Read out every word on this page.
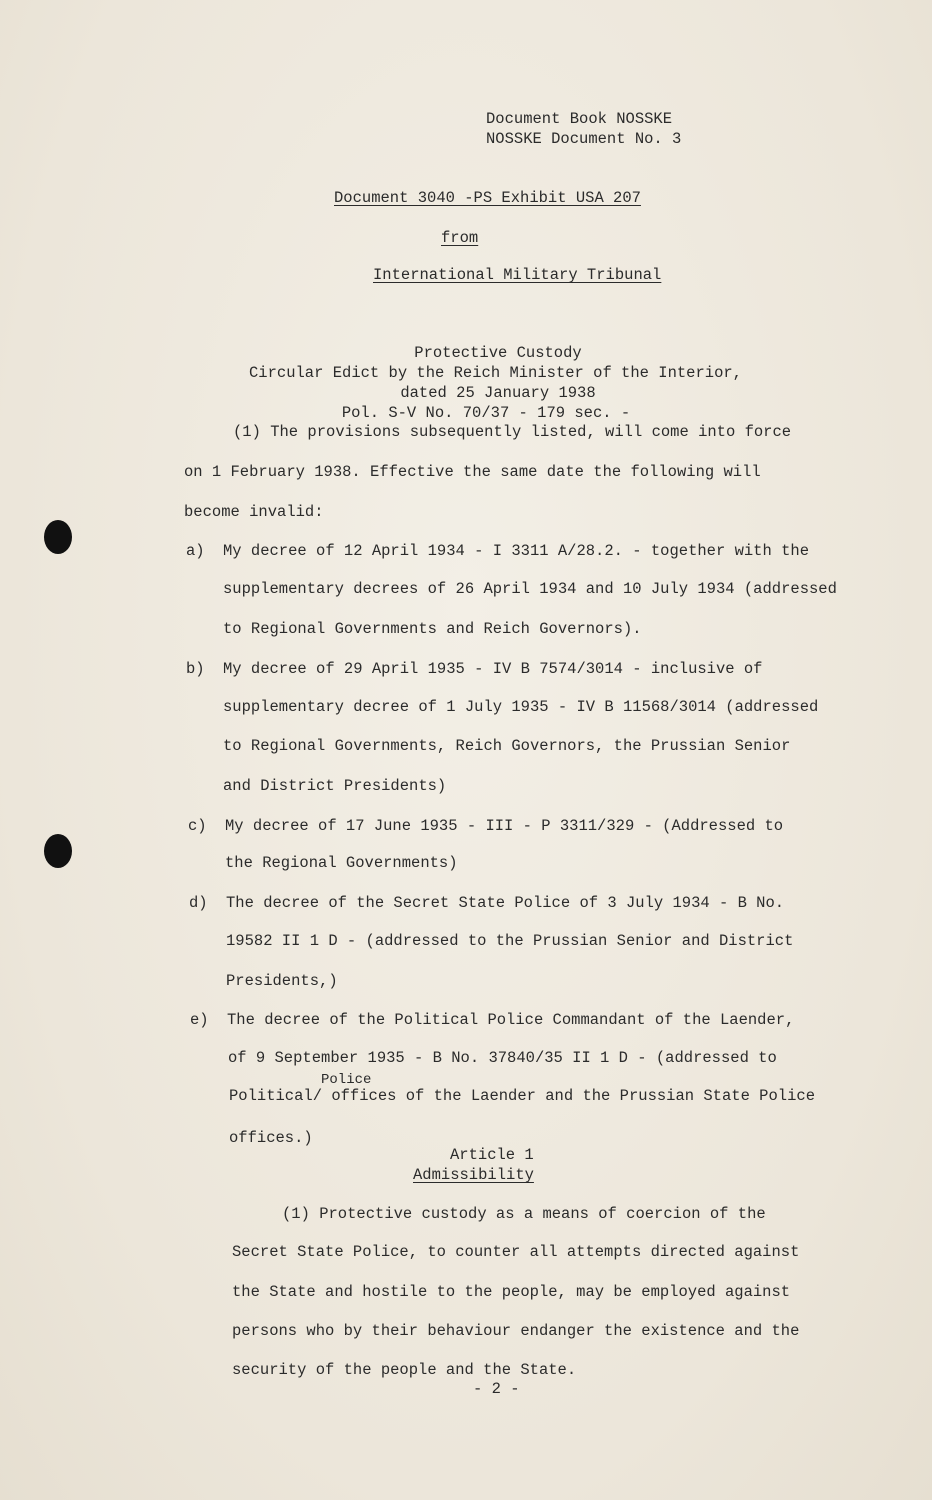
Document Book NOSSKE
NOSSKE Document No. 3
Document 3040 -PS Exhibit USA 207
from
International Military Tribunal
Protective Custody
Circular Edict by the Reich Minister of the Interior,
dated 25 January 1938
Pol. S-V No. 70/37 - 179 sec. -
(1) The provisions subsequently listed, will come into force
on 1 February 1938. Effective the same date the following will
become invalid:
a) My decree of 12 April 1934 - I 3311 A/28.2. - together with the
supplementary decrees of 26 April 1934 and 10 July 1934 (addressed
to Regional Governments and Reich Governors).
b) My decree of 29 April 1935 - IV B 7574/3014 - inclusive of
supplementary decree of 1 July 1935 - IV B 11568/3014 (addressed
to Regional Governments, Reich Governors, the Prussian Senior
and District Presidents)
c) My decree of 17 June 1935 - III - P 3311/329 - (Addressed to
the Regional Governments)
d) The decree of the Secret State Police of 3 July 1934 - B No.
19582 II 1 D - (addressed to the Prussian Senior and District
Presidents,)
e) The decree of the Political Police Commandant of the Laender,
of 9 September 1935 - B No. 37840/35 II 1 D - (addressed to
Police
Political/ offices of the Laender and the Prussian State Police
offices.)
Article 1
Admissibility
(1) Protective custody as a means of coercion of the
Secret State Police, to counter all attempts directed against
the State and hostile to the people, may be employed against
persons who by their behaviour endanger the existence and the
security of the people and the State.
- 2 -
